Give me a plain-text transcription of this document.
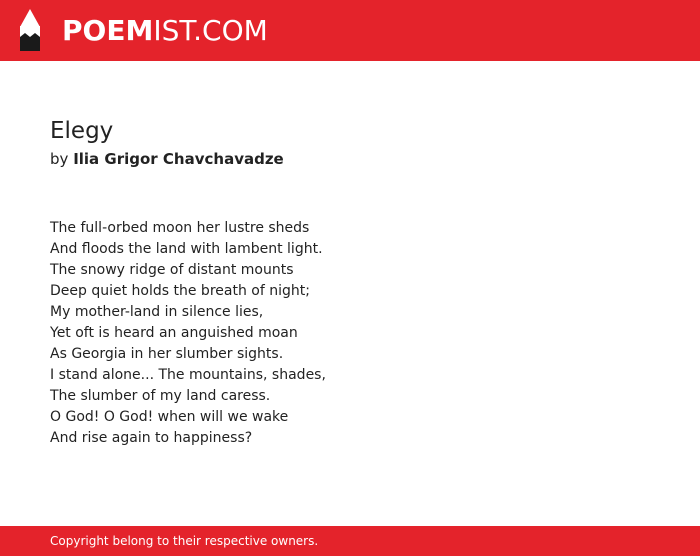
POEMIST.COM
Elegy
by Ilia Grigor Chavchavadze
The full-orbed moon her lustre sheds
And floods the land with lambent light.
The snowy ridge of distant mounts
Deep quiet holds the breath of night;
My mother-land in silence lies,
Yet oft is heard an anguished moan
As Georgia in her slumber sights.
I stand alone... The mountains, shades,
The slumber of my land caress.
O God! O God! when will we wake
And rise again to happiness?
Copyright belong to their respective owners.
